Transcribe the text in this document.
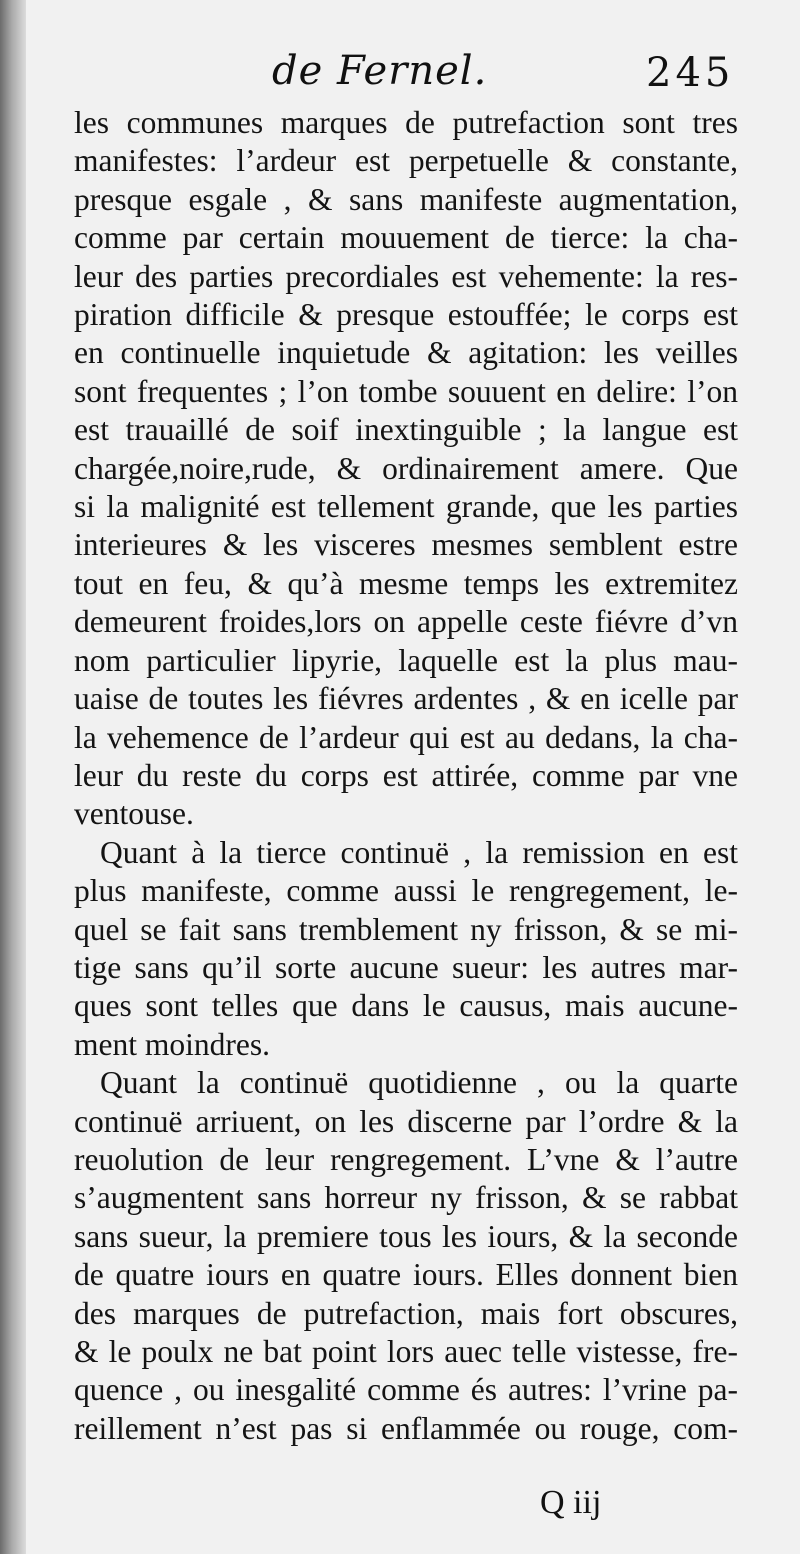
de Fernel.	245
les communes marques de putrefaction sont tres
manifestes: l’ardeur est perpetuelle & constante,
presque esgale , & sans manifeste augmentation,
comme par certain mouuement de tierce: la cha-
leur des parties precordiales est vehemente: la res-
piration difficile & presque estouffée; le corps est
en continuelle inquietude & agitation: les veilles
sont frequentes ; l’on tombe souuent en delire: l’on
est trauaillé de soif inextinguible ; la langue est
chargée,noire,rude, & ordinairement amere. Que
si la malignité est tellement grande, que les parties
interieures & les visceres mesmes semblent estre
tout en feu, & qu’à mesme temps les extremitez
demeurent froides,lors on appelle ceste fiévre d’vn
nom particulier lipyrie, laquelle est la plus mau-
uaise de toutes les fiévres ardentes , & en icelle par
la vehemence de l’ardeur qui est au dedans, la cha-
leur du reste du corps est attirée, comme par vne
ventouse.
Quant à la tierce continuë , la remission en est
plus manifeste, comme aussi le rengregement, le-
quel se fait sans tremblement ny frisson, & se mi-
tige sans qu’il sorte aucune sueur: les autres mar-
ques sont telles que dans le causus, mais aucune-
ment moindres.
Quant la continuë quotidienne , ou la quarte
continuë arriuent, on les discerne par l’ordre & la
reuolution de leur rengregement. L’vne & l’autre
s’augmentent sans horreur ny frisson, & se rabbat
sans sueur, la premiere tous les iours, & la seconde
de quatre iours en quatre iours. Elles donnent bien
des marques de putrefaction, mais fort obscures,
& le poulx ne bat point lors auec telle vistesse, fre-
quence , ou inesgalité comme és autres: l’vrine pa-
reillement n’est pas si enflammée ou rouge, com-
Q iij
